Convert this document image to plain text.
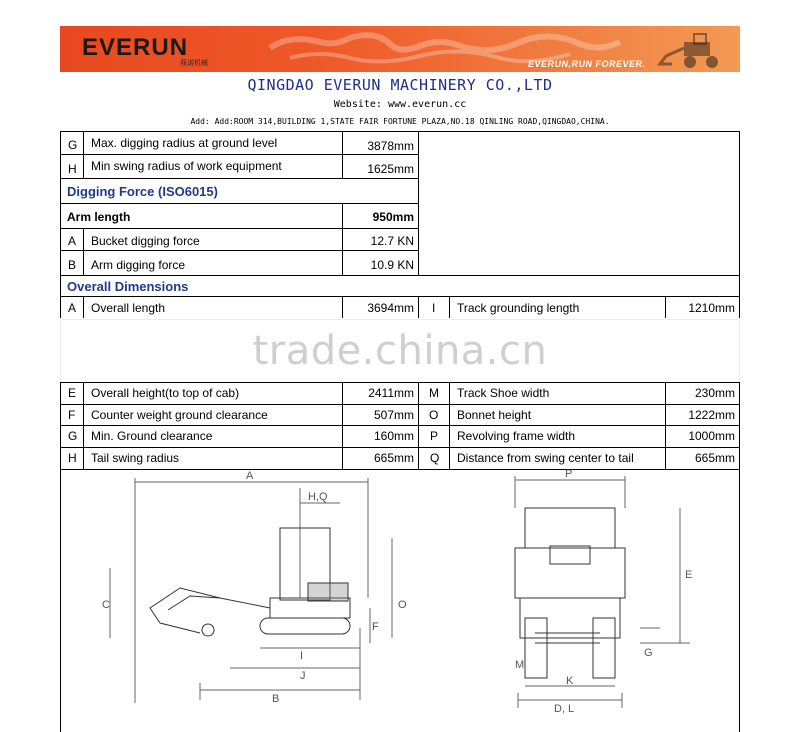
EVERUN
莪诺机械	EVERUN,RUN FOREVER.
QINGDAO EVERUN MACHINERY CO.,LTD
Website: www.everun.cc
Add: Add:ROOM 314,BUILDING 1,STATE FAIR FORTUNE PLAZA,NO.18 QINLING ROAD,QINGDAO,CHINA.
G Max. digging radius at ground level	3878mm
H Min swing radius of work equipment	1625mm
Digging Force (ISO6015)
Arm length	950mm
A Bucket digging force	12.7 KN
B Arm digging force	10.9 KN
Overall Dimensions
A Overall length	3694mm I Track grounding length	1210mm
E Overall height(to top of cab)	2411mm M Track Shoe width	230mm
F Counter weight ground clearance	507mm O Bonnet height	1222mm
G Min. Ground clearance	160mm P Revolving frame width	1000mm
H Tail swing radius	665mm Q Distance from swing center to tail	665mm
trade.china.cn
A
H,Q
C	O
F
I
J
B
P
E
G
M
K
D, L
